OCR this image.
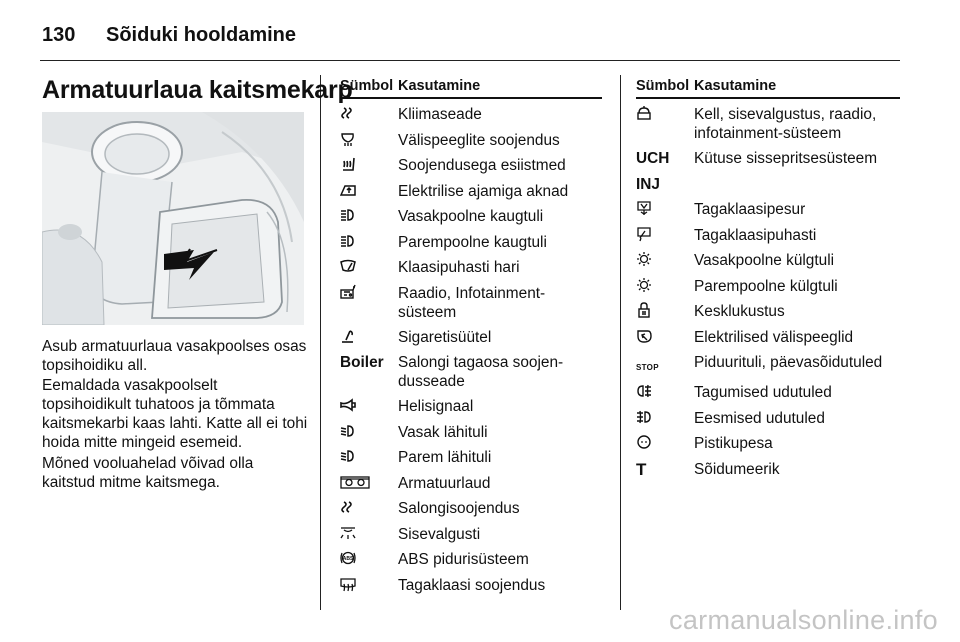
130	Sõiduki hooldamine
Armatuurlaua kaitsmekarp

Asub armatuurlaua vasakpoolses osas topsihoidiku all.

Eemaldada vasakpoolselt topsihoidikult tuhatoos ja tõmmata kaitsmekarbi kaas lahti. Katte all ei tohi hoida mitte mingeid esemeid.

Mõned vooluahelad võivad olla kaitstud mitme kaitsmega.

Sümbol Kasutamine
Kliimaseade
Välispeeglite soojendus
Soojendusega esiistmed
Elektrilise ajamiga aknad
Vasakpoolne kaugtuli
Parempoolne kaugtuli
Klaasipuhasti hari
Raadio, Infotainment-süsteem
Sigaretisüütel
Boiler Salongi tagaosa soojen-dusseade
Helisignaal
Vasak lähituli
Parem lähituli
Armatuurlaud
Salongisoojendus
Sisevalgusti
ABS	ABS pidurisüsteem
Tagaklaasi soojendus
Sümbol Kasutamine
Kell, sisevalgustus, raadio, infotainment-süsteem
UCH Kütuse sissepritsesüsteem
INJ
Tagaklaasipesur
Tagaklaasipuhasti
Vasakpoolne külgtuli
Parempoolne külgtuli
Kesklukustus
Elektrilised välispeeglid
STOP Piduurituli, päevasõidutuled
Tagumised udutuled
Eesmised udutuled
Pistikupesa
T	Sõidumeerik
carmanualsonline.info
